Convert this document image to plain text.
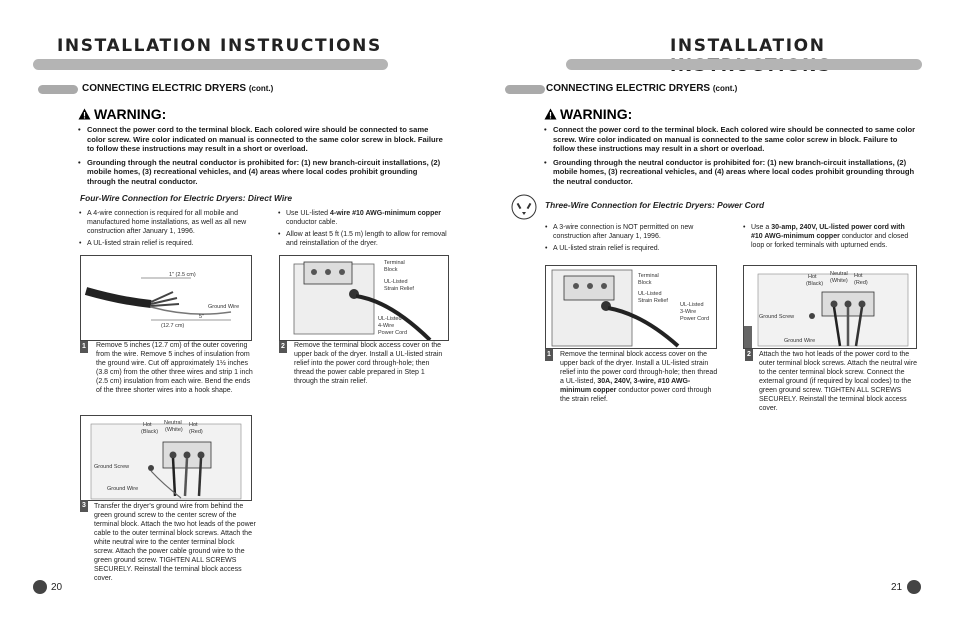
INSTALLATION INSTRUCTIONS
CONNECTING ELECTRIC DRYERS (cont.)
WARNING:
• Connect the power cord to the terminal block. Each colored wire should be connected to same color screw. Wire color indicated on manual is connected to the same color screw in block. Failure to follow these instructions may result in a short or overload.
• Grounding through the neutral conductor is prohibited for: (1) new branch-circuit installations, (2) mobile homes, (3) recreational vehicles, and (4) areas where local codes prohibit grounding through the neutral conductor.
Four-Wire Connection for Electric Dryers: Direct Wire
• A 4-wire connection is required for all mobile and manufactured home installations, as well as all new construction after January 1, 1996.
• A UL-listed strain relief is required.
• Use UL-listed 4-wire #10 AWG-minimum copper conductor cable.
• Allow at least 5 ft (1.5 m) length to allow for removal and reinstallation of the dryer.
1" (2.5 cm)
Ground Wire
5"
(12.7 cm)
1 Remove 5 inches (12.7 cm) of the outer covering from the wire. Remove 5 inches of insulation from the ground wire. Cut off approximately 1½ inches (3.8 cm) from the other three wires and strip 1 inch (2.5 cm) insulation from each wire. Bend the ends of the three shorter wires into a hook shape.
Terminal
Block
UL-Listed
Strain Relief
UL-Listed
4-Wire
Power Cord
2 Remove the terminal block access cover on the upper back of the dryer. Install a UL-listed strain relief into the power cord through-hole; then thread the power cable prepared in Step 1 through the strain relief.
Hot
(Black)
Neutral
(White)
Hot
(Red)
Ground Screw
Ground Wire
3 Transfer the dryer's ground wire from behind the green ground screw to the center screw of the terminal block. Attach the two hot leads of the power cable to the outer terminal block screws. Attach the white neutral wire to the center terminal block screw. Attach the power cable ground wire to the green ground screw. TIGHTEN ALL SCREWS SECURELY. Reinstall the terminal block access cover.
20
INSTALLATION
CONNECTING ELECTRIC DRYERS (cont.)
WARNING:
• Connect the power cord to the terminal block. Each colored wire should be connected to same color screw. Wire color indicated on manual is connected to the same color screw in block. Failure to follow these instructions may result in a short or overload.
• Grounding through the neutral conductor is prohibited for: (1) new branch-circuit installations, (2) mobile homes, (3) recreational vehicles, and (4) areas where local codes prohibit grounding through the neutral conductor.
Three-Wire Connection for Electric Dryers: Power Cord
• A 3-wire connection is NOT permitted on new construction after January 1, 1996.
• A UL-listed strain relief is required.
• Use a 30-amp, 240V, UL-listed power cord with #10 AWG-minimum copper conductor and closed loop or forked terminals with upturned ends.
Terminal
Block
UL-Listed
Strain Relief
UL-Listed
3-Wire
Power Cord
1 Remove the terminal block access cover on the upper back of the dryer. Install a UL-listed strain relief into the power cord through-hole; then thread a UL-listed, 30A, 240V, 3-wire, #10 AWG-minimum copper conductor power cord through the strain relief.
Hot
(Black)
Neutral
(White)
Hot
(Red)
Ground Screw
Ground Wire
2 Attach the two hot leads of the power cord to the outer terminal block screws. Attach the neutral wire to the center terminal block screw. Connect the external ground (if required by local codes) to the green ground screw. TIGHTEN ALL SCREWS SECURELY. Reinstall the terminal block access cover.
21
